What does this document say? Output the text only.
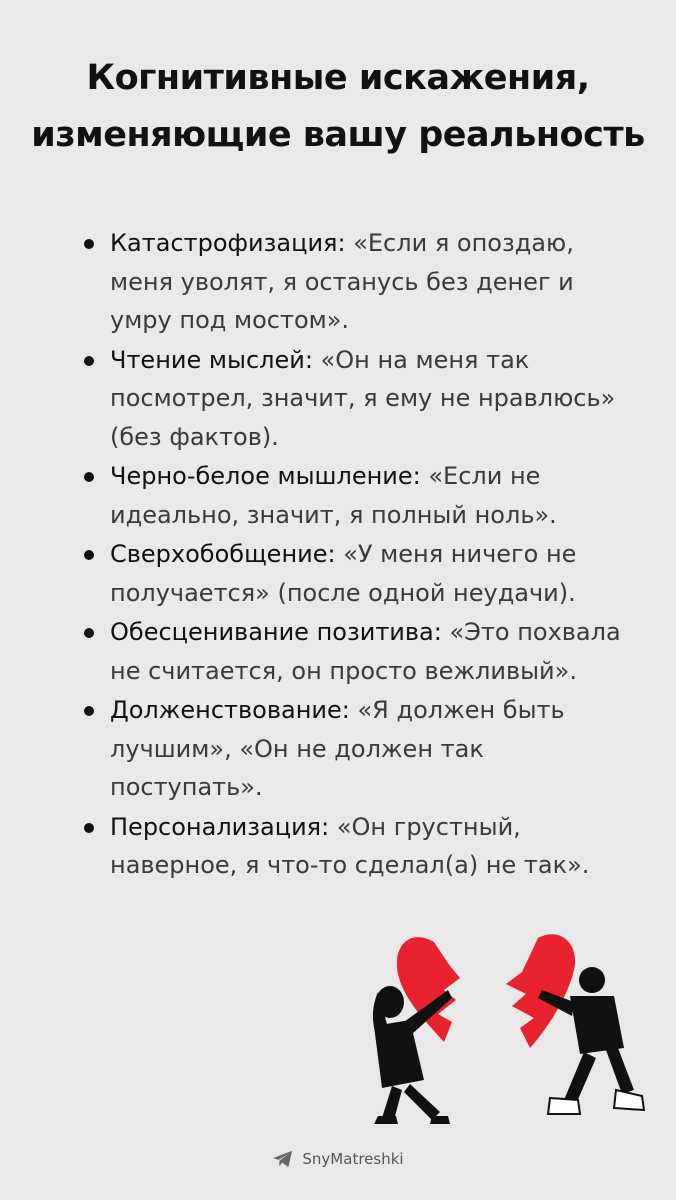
Когнитивные искажения,
изменяющие вашу реальность
Катастрофизация: «Если я опоздаю, меня уволят, я останусь без денег и умру под мостом».
Чтение мыслей: «Он на меня так посмотрел, значит, я ему не нравлюсь» (без фактов).
Черно-белое мышление: «Если не идеально, значит, я полный ноль».
Сверхобобщение: «У меня ничего не получается» (после одной неудачи).
Обесценивание позитива: «Это похвала не считается, он просто вежливый».
Долженствование: «Я должен быть лучшим», «Он не должен так поступать».
Персонализация: «Он грустный, наверное, я что-то сделал(а) не так».
SnyMatreshki
